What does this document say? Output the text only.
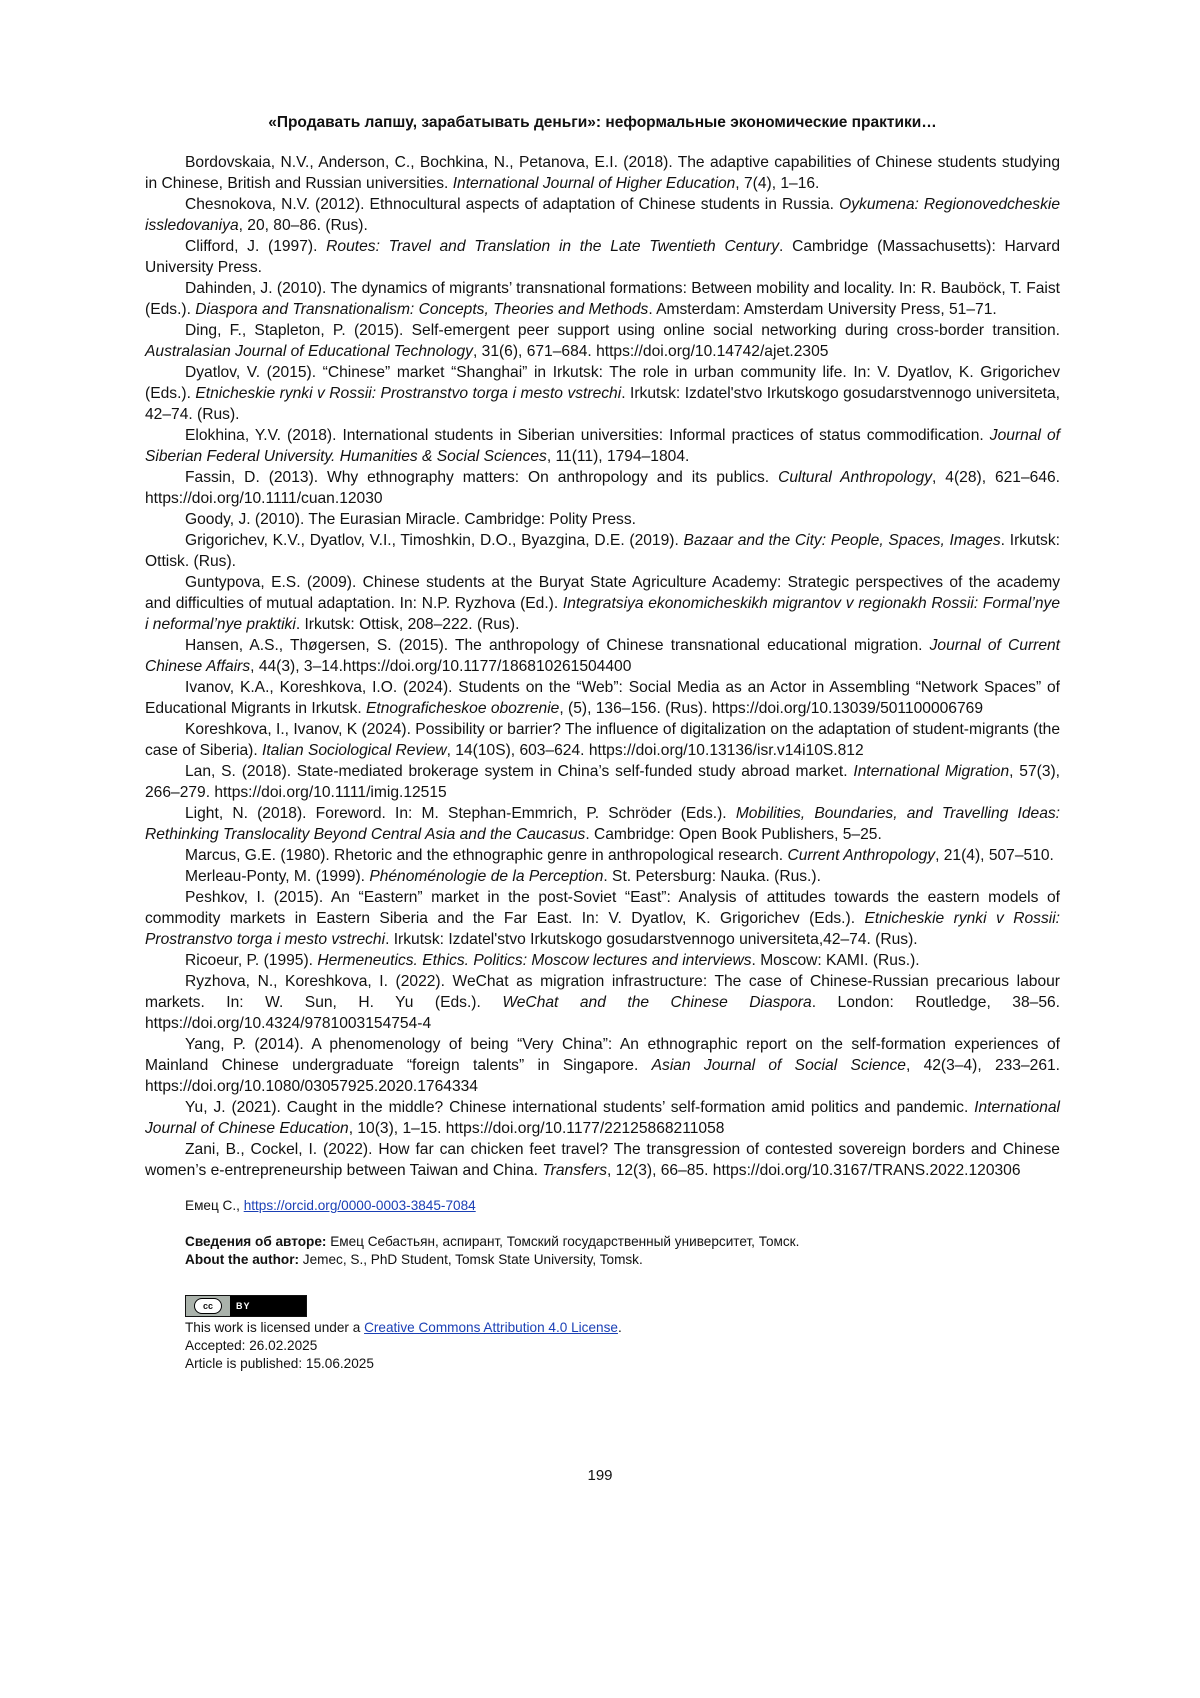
«Продавать лапшу, зарабатывать деньги»: неформальные экономические практики…

Bordovskaia, N.V., Anderson, C., Bochkina, N., Petanova, E.I. (2018). The adaptive capabilities of Chinese students studying in Chinese, British and Russian universities. International Journal of Higher Education, 7(4), 1–16.

Chesnokova, N.V. (2012). Ethnocultural aspects of adaptation of Chinese students in Russia. Oykumena: Regionovedcheskie issledovaniya, 20, 80–86. (Rus).

Clifford, J. (1997). Routes: Travel and Translation in the Late Twentieth Century. Cambridge (Massachusetts): Harvard University Press.

Dahinden, J. (2010). The dynamics of migrants’ transnational formations: Between mobility and locality. In: R. Bauböck, T. Faist (Eds.). Diaspora and Transnationalism: Concepts, Theories and Methods. Amsterdam: Amsterdam University Press, 51–71.

Ding, F., Stapleton, P. (2015). Self-emergent peer support using online social networking during cross-border transition. Australasian Journal of Educational Technology, 31(6), 671–684. https://doi.org/10.14742/ajet.2305

Dyatlov, V. (2015). “Chinese” market “Shanghai” in Irkutsk: The role in urban community life. In: V. Dyatlov, K. Grigorichev (Eds.). Etnicheskie rynki v Rossii: Prostranstvo torga i mesto vstrechi. Irkutsk: Izdatel'stvo Irkutskogo gosudarstvennogo universiteta, 42–74. (Rus).

Elokhina, Y.V. (2018). International students in Siberian universities: Informal practices of status commodification. Journal of Siberian Federal University. Humanities & Social Sciences, 11(11), 1794–1804.

Fassin, D. (2013). Why ethnography matters: On anthropology and its publics. Cultural Anthropology, 4(28), 621–646. https://doi.org/10.1111/cuan.12030

Goody, J. (2010). The Eurasian Miracle. Cambridge: Polity Press.

Grigorichev, K.V., Dyatlov, V.I., Timoshkin, D.O., Byazgina, D.E. (2019). Bazaar and the City: People, Spaces, Images. Irkutsk: Ottisk. (Rus).

Guntypova, E.S. (2009). Chinese students at the Buryat State Agriculture Academy: Strategic perspectives of the academy and difficulties of mutual adaptation. In: N.P. Ryzhova (Ed.). Integratsiya ekonomicheskikh migrantov v regionakh Rossii: Formal’nye i neformal’nye praktiki. Irkutsk: Ottisk, 208–222. (Rus).

Hansen, A.S., Thøgersen, S. (2015). The anthropology of Chinese transnational educational migration. Journal of Current Chinese Affairs, 44(3), 3–14.https://doi.org/10.1177/186810261504400

Ivanov, K.A., Koreshkova, I.O. (2024). Students on the “Web”: Social Media as an Actor in Assembling “Network Spaces” of Educational Migrants in Irkutsk. Etnograficheskoe obozrenie, (5), 136–156. (Rus). https://doi.org/10.13039/501100006769

Koreshkova, I., Ivanov, K (2024). Possibility or barrier? The influence of digitalization on the adaptation of student-migrants (the case of Siberia). Italian Sociological Review, 14(10S), 603–624. https://doi.org/10.13136/isr.v14i10S.812

Lan, S. (2018). State-mediated brokerage system in China’s self-funded study abroad market. International Migration, 57(3), 266–279. https://doi.org/10.1111/imig.12515

Light, N. (2018). Foreword. In: M. Stephan-Emmrich, P. Schröder (Eds.). Mobilities, Boundaries, and Travelling Ideas: Rethinking Translocality Beyond Central Asia and the Caucasus. Cambridge: Open Book Publishers, 5–25.

Marcus, G.E. (1980). Rhetoric and the ethnographic genre in anthropological research. Current Anthropology, 21(4), 507–510.

Merleau-Ponty, M. (1999). Phénoménologie de la Perception. St. Petersburg: Nauka. (Rus.).

Peshkov, I. (2015). An “Eastern” market in the post-Soviet “East”: Analysis of attitudes towards the eastern models of commodity markets in Eastern Siberia and the Far East. In: V. Dyatlov, K. Grigorichev (Eds.). Etnicheskie rynki v Rossii: Prostranstvo torga i mesto vstrechi. Irkutsk: Izdatel'stvo Irkutskogo gosudarstvennogo universiteta,42–74. (Rus).

Ricoeur, P. (1995). Hermeneutics. Ethics. Politics: Moscow lectures and interviews. Moscow: KAMI. (Rus.).

Ryzhova, N., Koreshkova, I. (2022). WeChat as migration infrastructure: The case of Chinese-Russian precarious labour markets. In: W. Sun, H. Yu (Eds.). WeChat and the Chinese Diaspora. London: Routledge, 38–56. https://doi.org/10.4324/9781003154754-4

Yang, P. (2014). A phenomenology of being “Very China”: An ethnographic report on the self-formation experiences of Mainland Chinese undergraduate “foreign talents” in Singapore. Asian Journal of Social Science, 42(3–4), 233–261. https://doi.org/10.1080/03057925.2020.1764334

Yu, J. (2021). Caught in the middle? Chinese international students’ self-formation amid politics and pandemic. International Journal of Chinese Education, 10(3), 1–15. https://doi.org/10.1177/22125868211058

Zani, B., Cockel, I. (2022). How far can chicken feet travel? The transgression of contested sovereign borders and Chinese women’s e-entrepreneurship between Taiwan and China. Transfers, 12(3), 66–85. https://doi.org/10.3167/TRANS.2022.120306

Емец С., https://orcid.org/0000-0003-3845-7084
Сведения об авторе: Емец Себастьян, аспирант, Томский государственный университет, Томск.
About the author: Jemec, S., PhD Student, Tomsk State University, Tomsk.
cc	BY
This work is licensed under a Creative Commons Attribution 4.0 License.
Accepted: 26.02.2025
Article is published: 15.06.2025
199
